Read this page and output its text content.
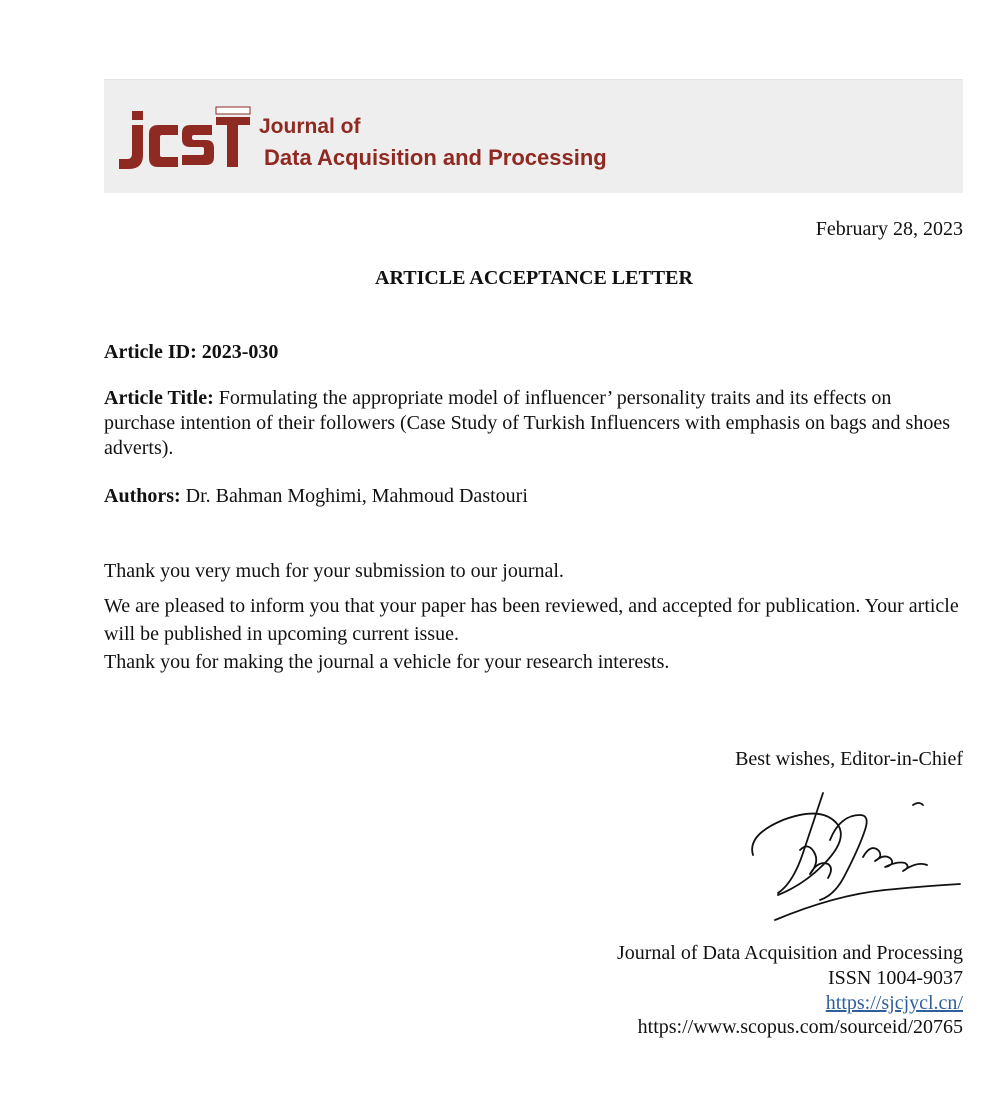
Journal of
Data Acquisition and Processing
February 28, 2023
ARTICLE ACCEPTANCE LETTER
Article ID: 2023-030
Article Title: Formulating the appropriate model of influencer’ personality traits and its effects on purchase intention of their followers (Case Study of Turkish Influencers with emphasis on bags and shoes adverts).
Authors: Dr. Bahman Moghimi, Mahmoud Dastouri
Thank you very much for your submission to our journal.
We are pleased to inform you that your paper has been reviewed, and accepted for publication. Your article will be published in upcoming current issue.
Thank you for making the journal a vehicle for your research interests.
Best wishes, Editor-in-Chief
Journal of Data Acquisition and Processing
ISSN 1004-9037
https://sjcjycl.cn/
https://www.scopus.com/sourceid/20765
